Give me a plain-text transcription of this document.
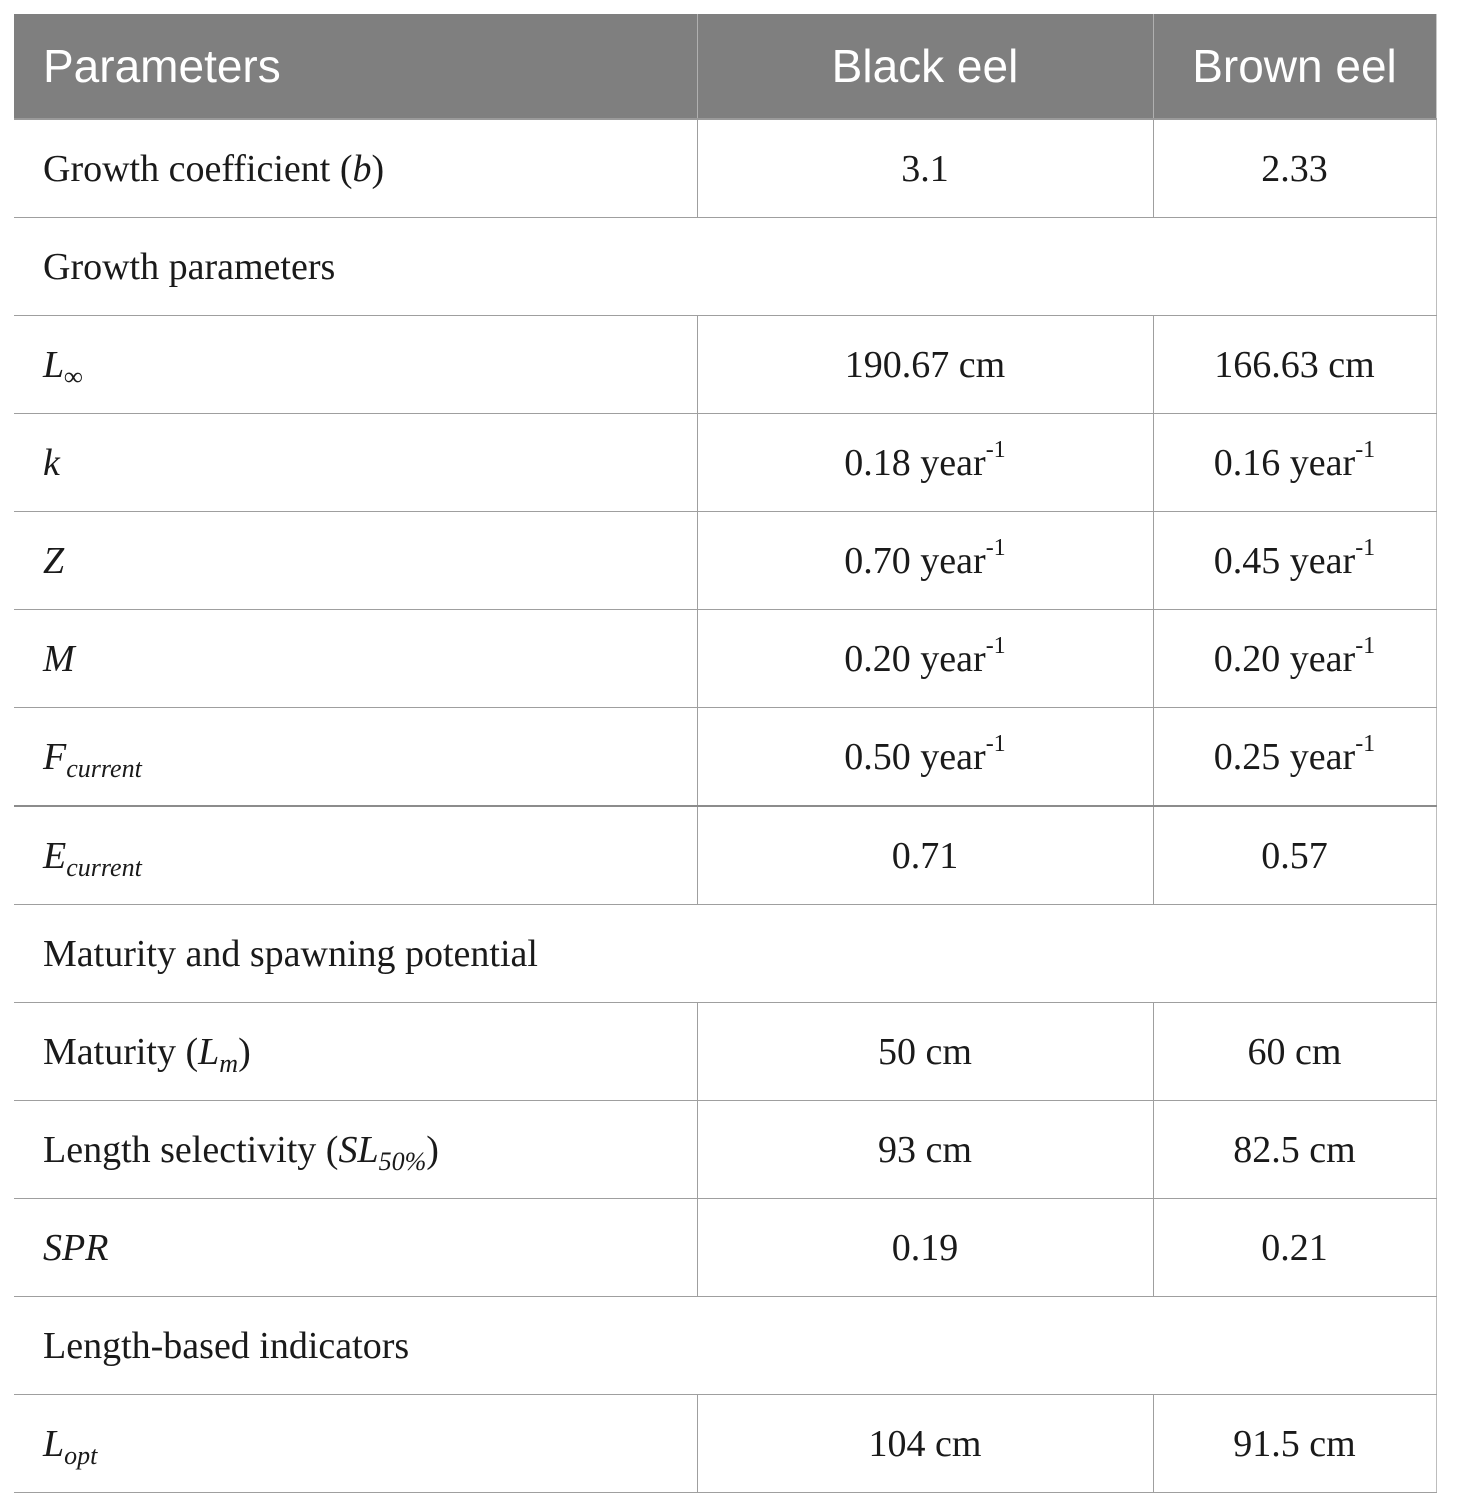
Parameters	Black eel	Brown eel
Growth coefficient (b)	3.1	2.33
Growth parameters		
$L_\infty$	190.67 cm	166.63 cm
k	0.18 year$^{-1}$	0.16 year$^{-1}$
Z	0.70 year$^{-1}$	0.45 year$^{-1}$
M	0.20 year$^{-1}$	0.20 year$^{-1}$
$F_{current}$	0.50 year$^{-1}$	0.25 year$^{-1}$
$E_{current}$	0.71	0.57
Maturity and spawning potential		
Maturity $(L_m)$	50 cm	60 cm
Length selectivity $(SL_{50\%})$	93 cm	82.5 cm
SPR	0.19	0.21
Length-based indicators		
$L_{opt}$	104 cm	91.5 cm
